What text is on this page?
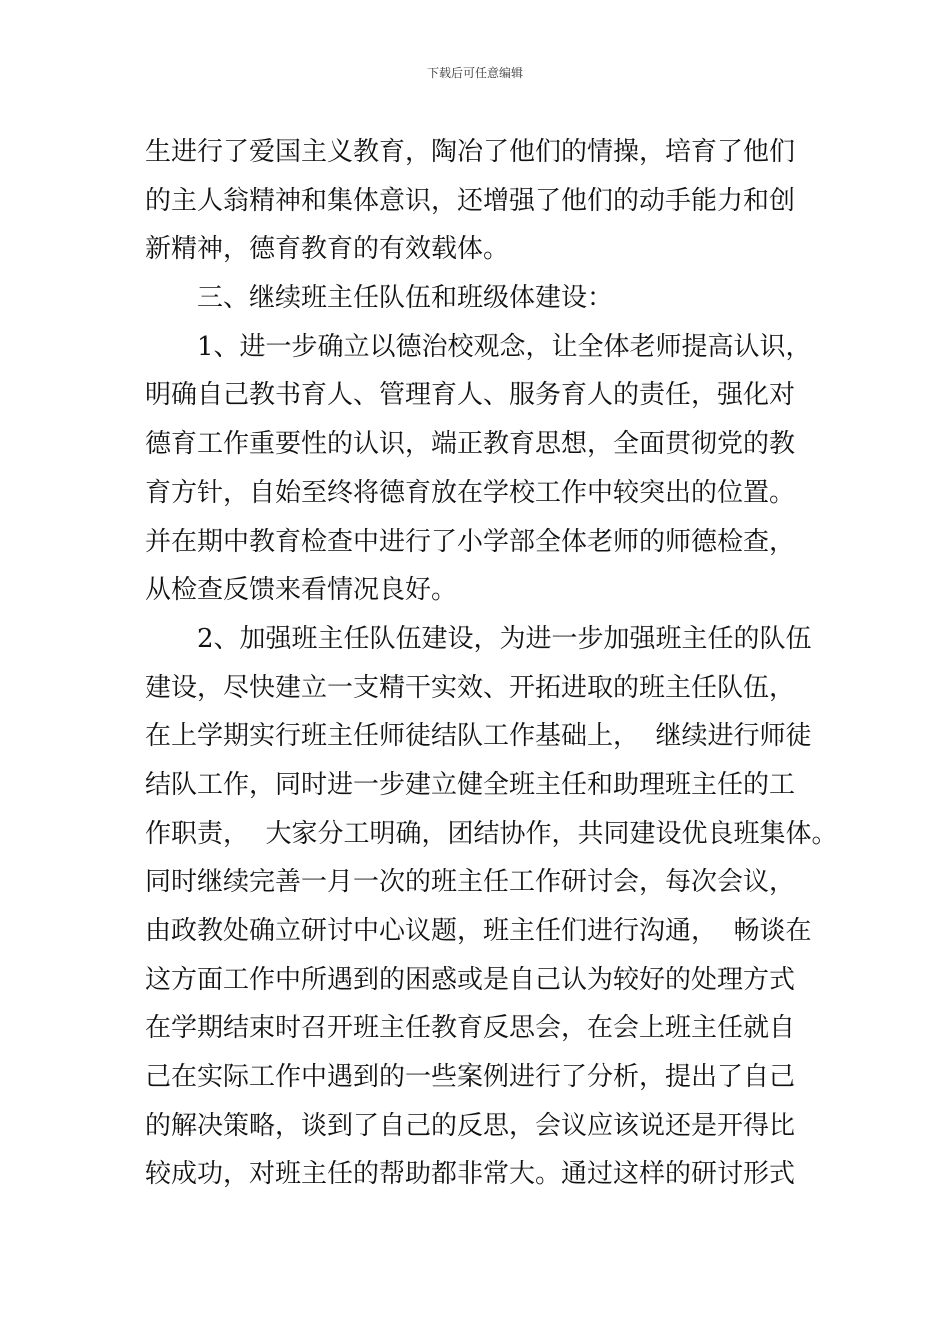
下载后可任意编辑
生进行了爱国主义教育，陶冶了他们的情操，培育了他们
的主人翁精神和集体意识，还增强了他们的动手能力和创
新精神，德育教育的有效载体。
三、继续班主任队伍和班级体建设：
1、进一步确立以德治校观念，让全体老师提高认识，
明确自己教书育人、管理育人、服务育人的责任，强化对
德育工作重要性的认识，端正教育思想，全面贯彻党的教
育方针，自始至终将德育放在学校工作中较突出的位置。
并在期中教育检查中进行了小学部全体老师的师德检查，
从检查反馈来看情况良好。
2、加强班主任队伍建设，为进一步加强班主任的队伍
建设，尽快建立一支精干实效、开拓进取的班主任队伍，
在上学期实行班主任师徒结队工作基础上，  继续进行师徒
结队工作，同时进一步建立健全班主任和助理班主任的工
作职责，  大家分工明确，团结协作，共同建设优良班集体。
同时继续完善一月一次的班主任工作研讨会，每次会议，
由政教处确立研讨中心议题，班主任们进行沟通，  畅谈在
这方面工作中所遇到的困惑或是自己认为较好的处理方式
在学期结束时召开班主任教育反思会，在会上班主任就自
己在实际工作中遇到的一些案例进行了分析，提出了自己
的解决策略，谈到了自己的反思，会议应该说还是开得比
较成功，对班主任的帮助都非常大。通过这样的研讨形式
